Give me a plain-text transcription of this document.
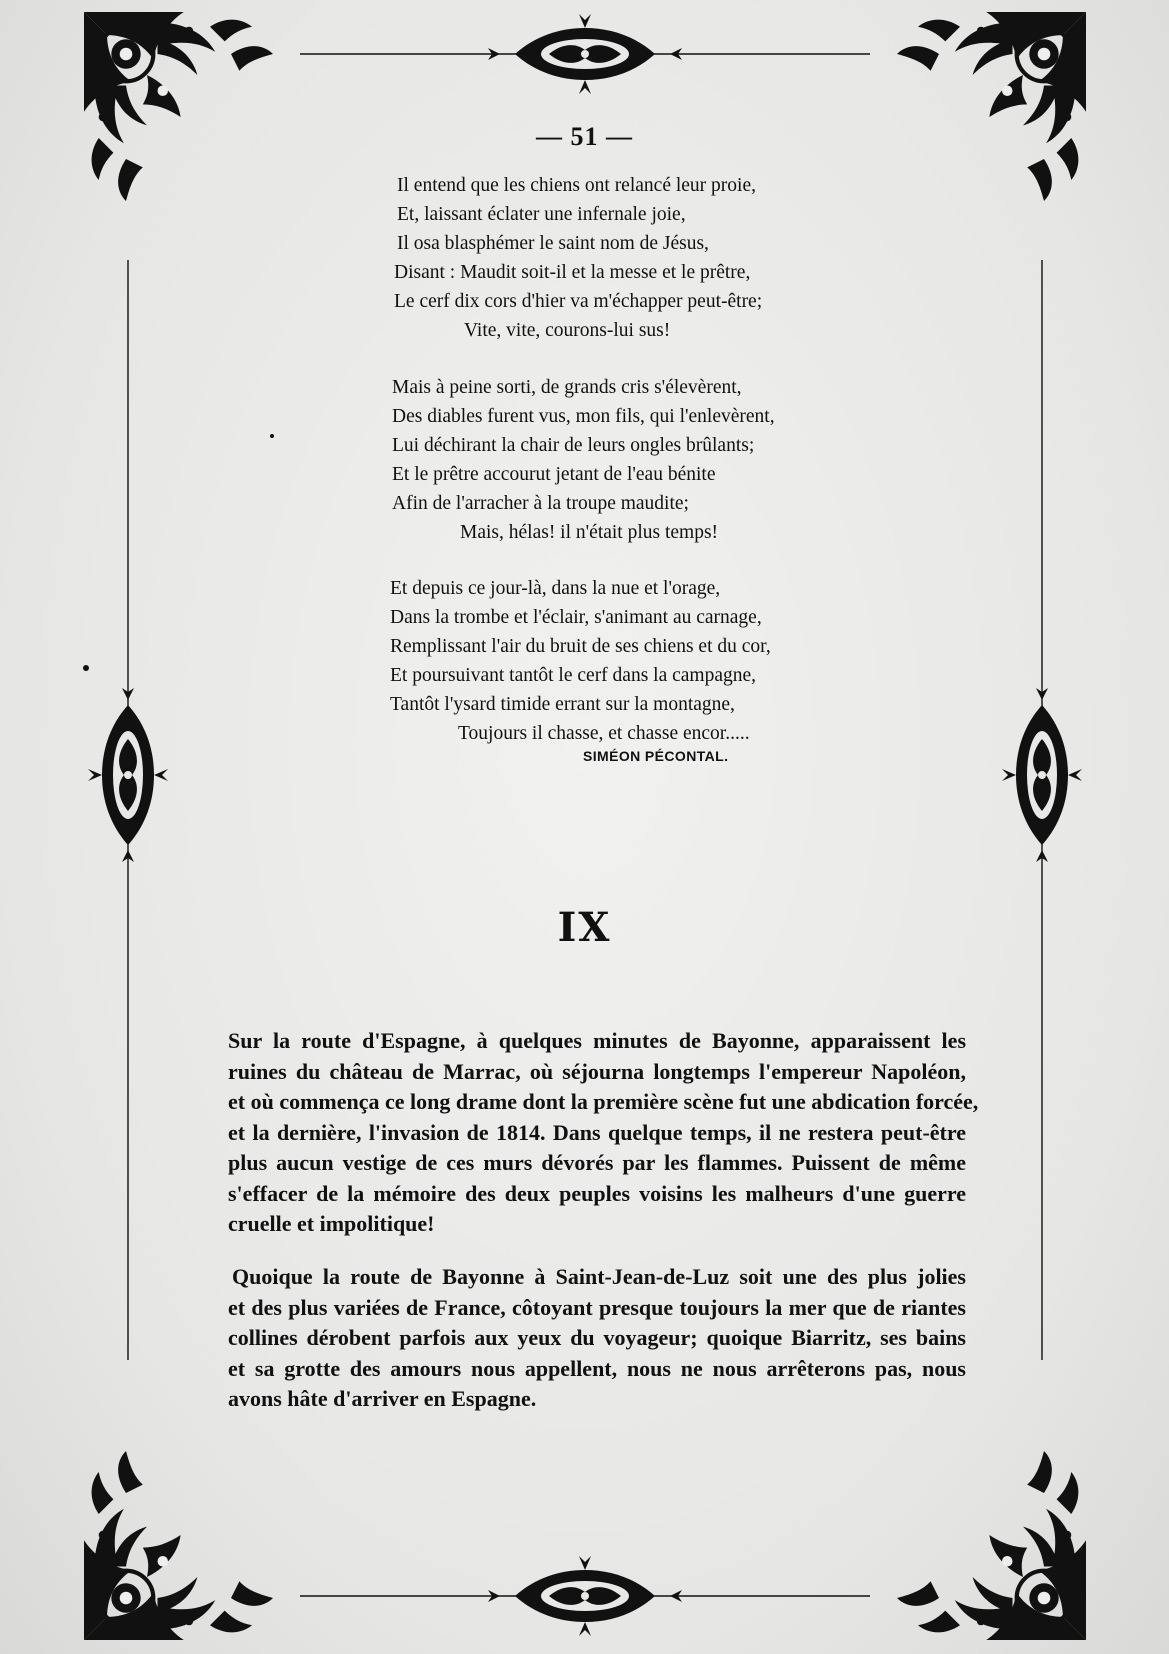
— 51 —
Il entend que les chiens ont relancé leur proie,
Et, laissant éclater une infernale joie,
Il osa blasphémer le saint nom de Jésus,
Disant : Maudit soit-il et la messe et le prêtre,
Le cerf dix cors d'hier va m'échapper peut-être;
Vite, vite, courons-lui sus!
Mais à peine sorti, de grands cris s'élevèrent,
Des diables furent vus, mon fils, qui l'enlevèrent,
Lui déchirant la chair de leurs ongles brûlants;
Et le prêtre accourut jetant de l'eau bénite
Afin de l'arracher à la troupe maudite;
Mais, hélas! il n'était plus temps!
Et depuis ce jour-là, dans la nue et l'orage,
Dans la trombe et l'éclair, s'animant au carnage,
Remplissant l'air du bruit de ses chiens et du cor,
Et poursuivant tantôt le cerf dans la campagne,
Tantôt l'ysard timide errant sur la montagne,
Toujours il chasse, et chasse encor.....
SIMÉON PÉCONTAL.
IX

Sur la route d'Espagne, à quelques minutes de Bayonne, apparaissent les
ruines du château de Marrac, où séjourna longtemps l'empereur Napoléon,
et où commença ce long drame dont la première scène fut une abdication forcée,
et la dernière, l'invasion de 1814. Dans quelque temps, il ne restera peut-être
plus aucun vestige de ces murs dévorés par les flammes. Puissent de même
s'effacer de la mémoire des deux peuples voisins les malheurs d'une guerre
cruelle et impolitique!

Quoique la route de Bayonne à Saint-Jean-de-Luz soit une des plus jolies
et des plus variées de France, côtoyant presque toujours la mer que de riantes
collines dérobent parfois aux yeux du voyageur; quoique Biarritz, ses bains
et sa grotte des amours nous appellent, nous ne nous arrêterons pas, nous
avons hâte d'arriver en Espagne.
